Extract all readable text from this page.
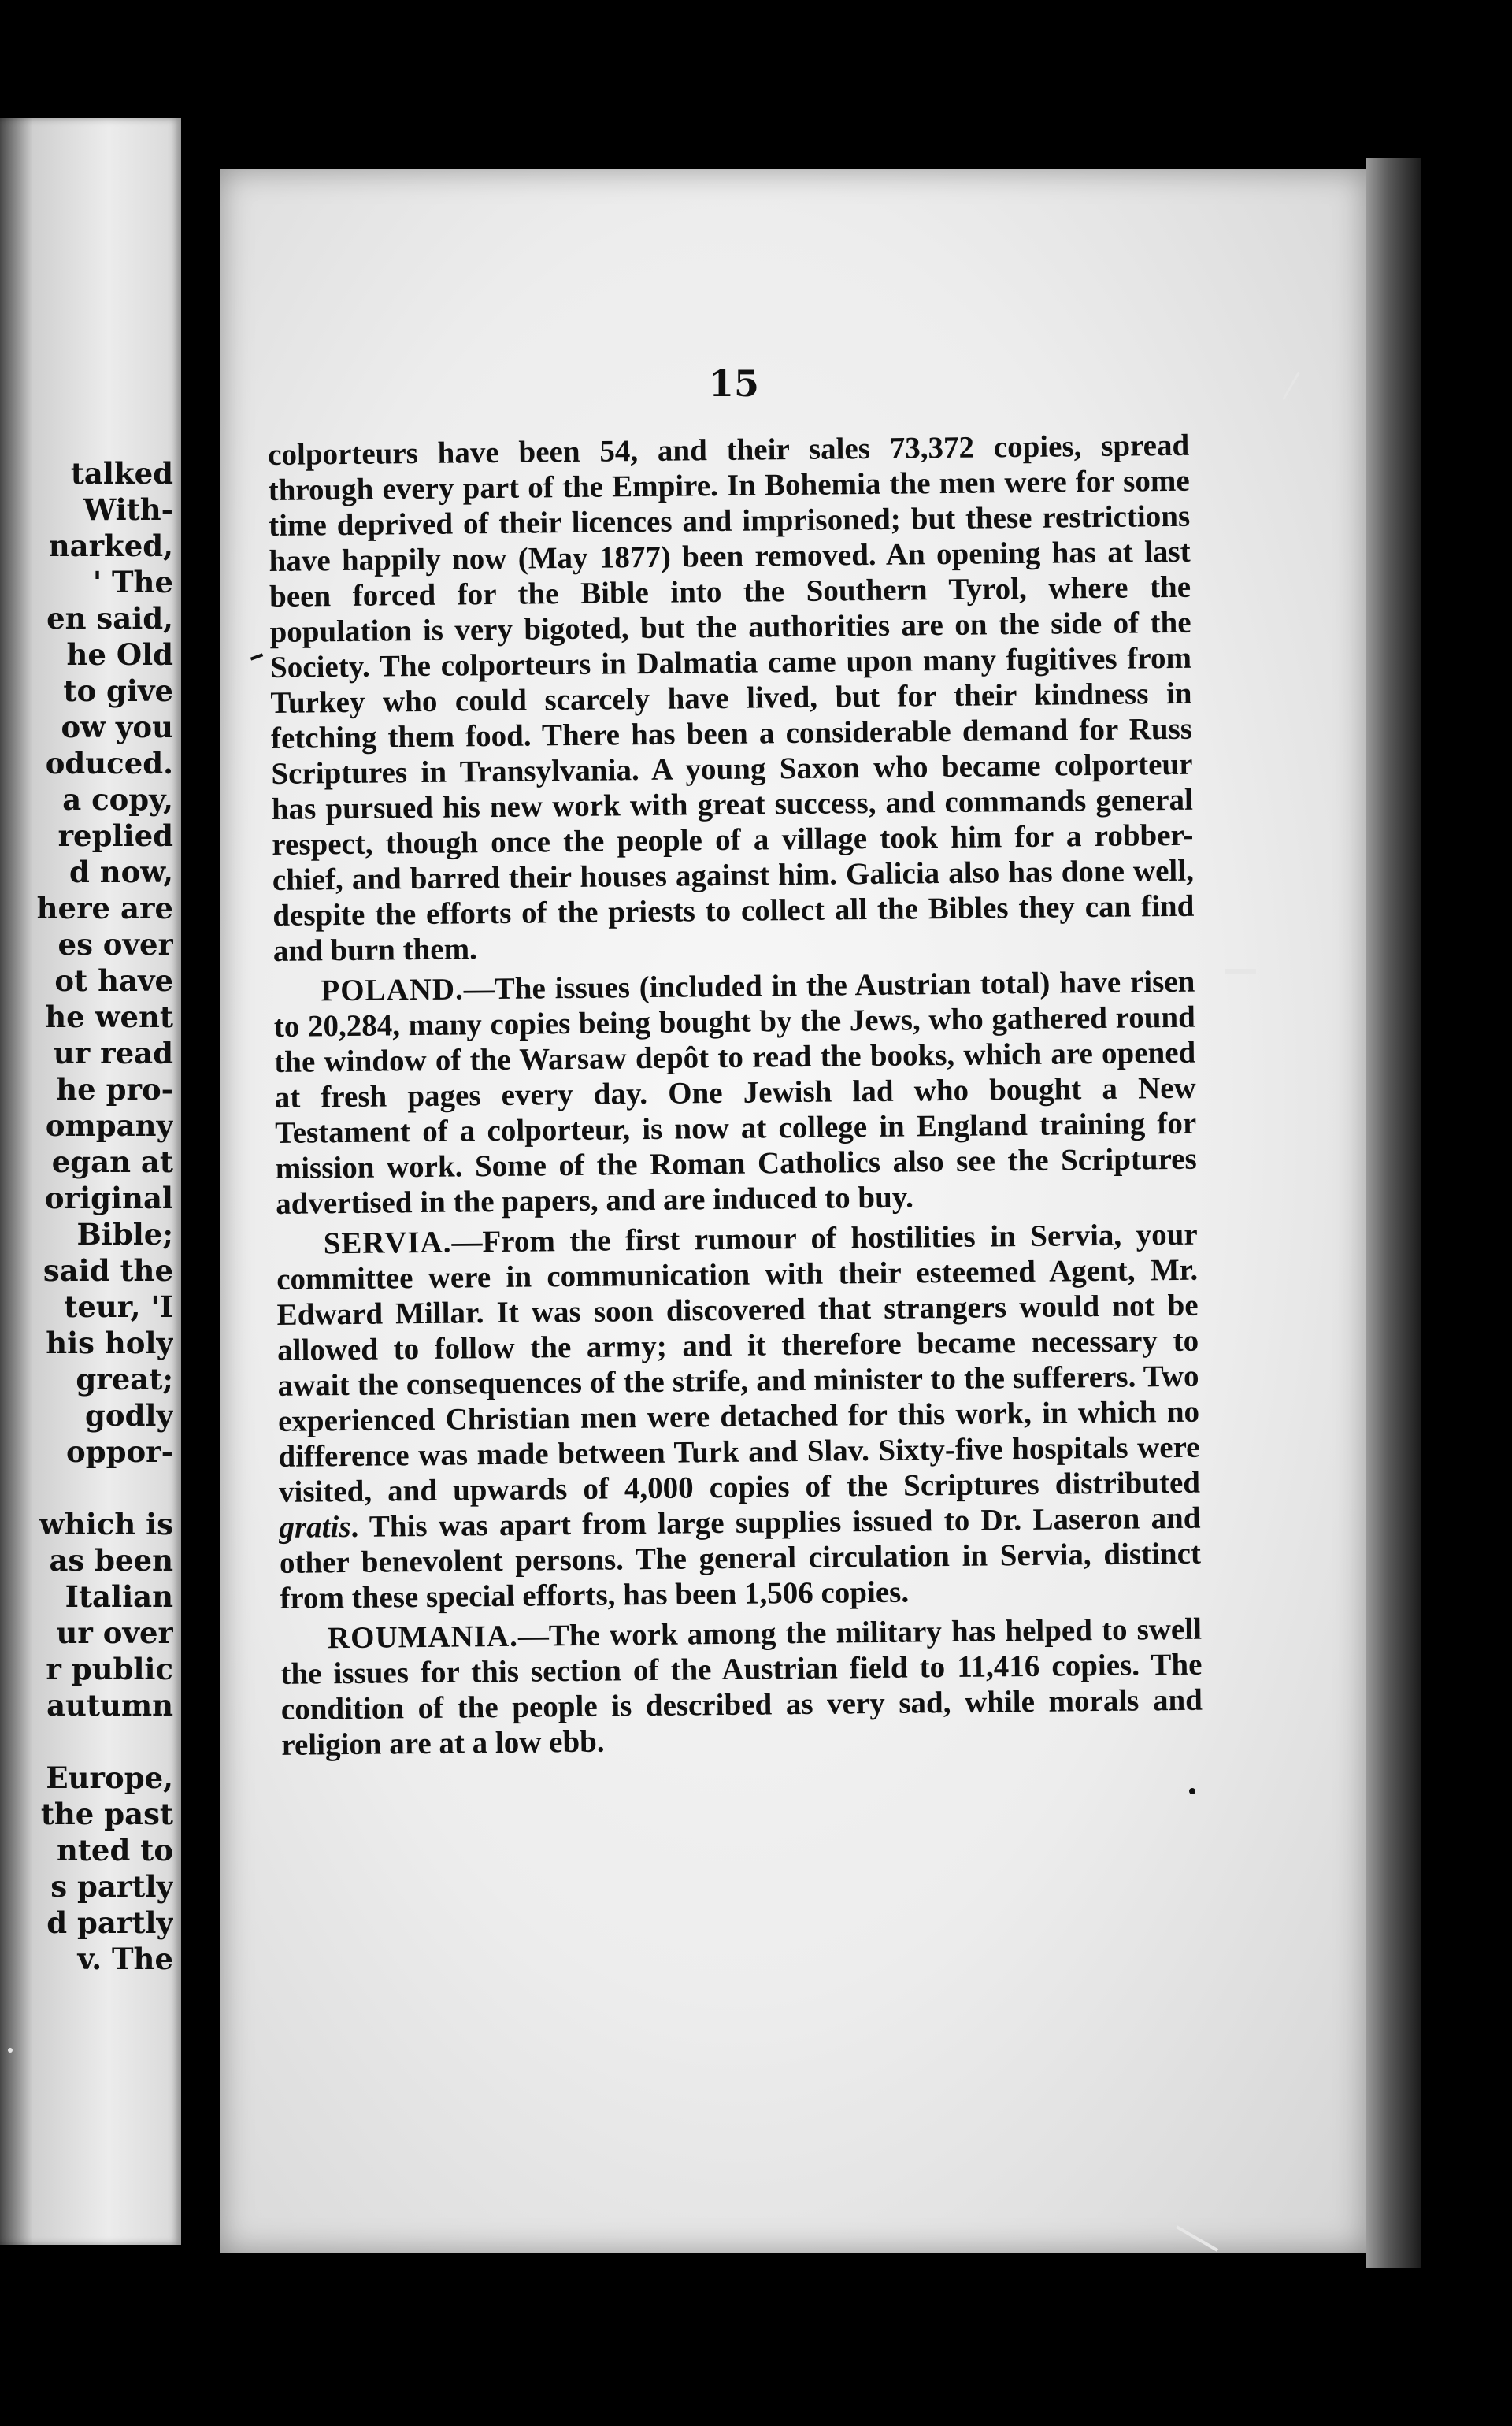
talked
With-
narked,
' The
en said,
he Old
to give
ow you
oduced.
a copy,
replied
d now,
here are
es over
ot have
he went
ur read
he pro-
ompany
egan at
original
Bible;
said the
teur, 'I
his holy
great;
godly
oppor-
which is
as been
Italian
ur over
r public
autumn
Europe,
the past
nted to
s partly
d partly
v. The
15

colporteurs have been 54, and their sales 73,372 copies, spread through every part of the Empire. In Bohemia the men were for some time deprived of their licences and imprisoned; but these restrictions have happily now (May 1877) been removed. An opening has at last been forced for the Bible into the Southern Tyrol, where the population is very bigoted, but the authorities are on the side of the Society. The colporteurs in Dalmatia came upon many fugitives from Turkey who could scarcely have lived, but for their kindness in fetching them food. There has been a considerable demand for Russ Scriptures in Transylvania. A young Saxon who became colporteur has pursued his new work with great success, and commands general respect, though once the people of a village took him for a robber-chief, and barred their houses against him. Galicia also has done well, despite the efforts of the priests to collect all the Bibles they can find and burn them.

POLAND.—The issues (included in the Austrian total) have risen to 20,284, many copies being bought by the Jews, who gathered round the window of the Warsaw depôt to read the books, which are opened at fresh pages every day. One Jewish lad who bought a New Testament of a colporteur, is now at college in England training for mission work. Some of the Roman Catholics also see the Scriptures advertised in the papers, and are induced to buy.

SERVIA.—From the first rumour of hostilities in Servia, your committee were in communication with their esteemed Agent, Mr. Edward Millar. It was soon discovered that strangers would not be allowed to follow the army; and it therefore became necessary to await the consequences of the strife, and minister to the sufferers. Two experienced Christian men were detached for this work, in which no difference was made between Turk and Slav. Sixty-five hospitals were visited, and upwards of 4,000 copies of the Scriptures distributed gratis. This was apart from large supplies issued to Dr. Laseron and other benevolent persons. The general circulation in Servia, distinct from these special efforts, has been 1,506 copies.

ROUMANIA.—The work among the military has helped to swell the issues for this section of the Austrian field to 11,416 copies. The condition of the people is described as very sad, while morals and religion are at a low ebb.
